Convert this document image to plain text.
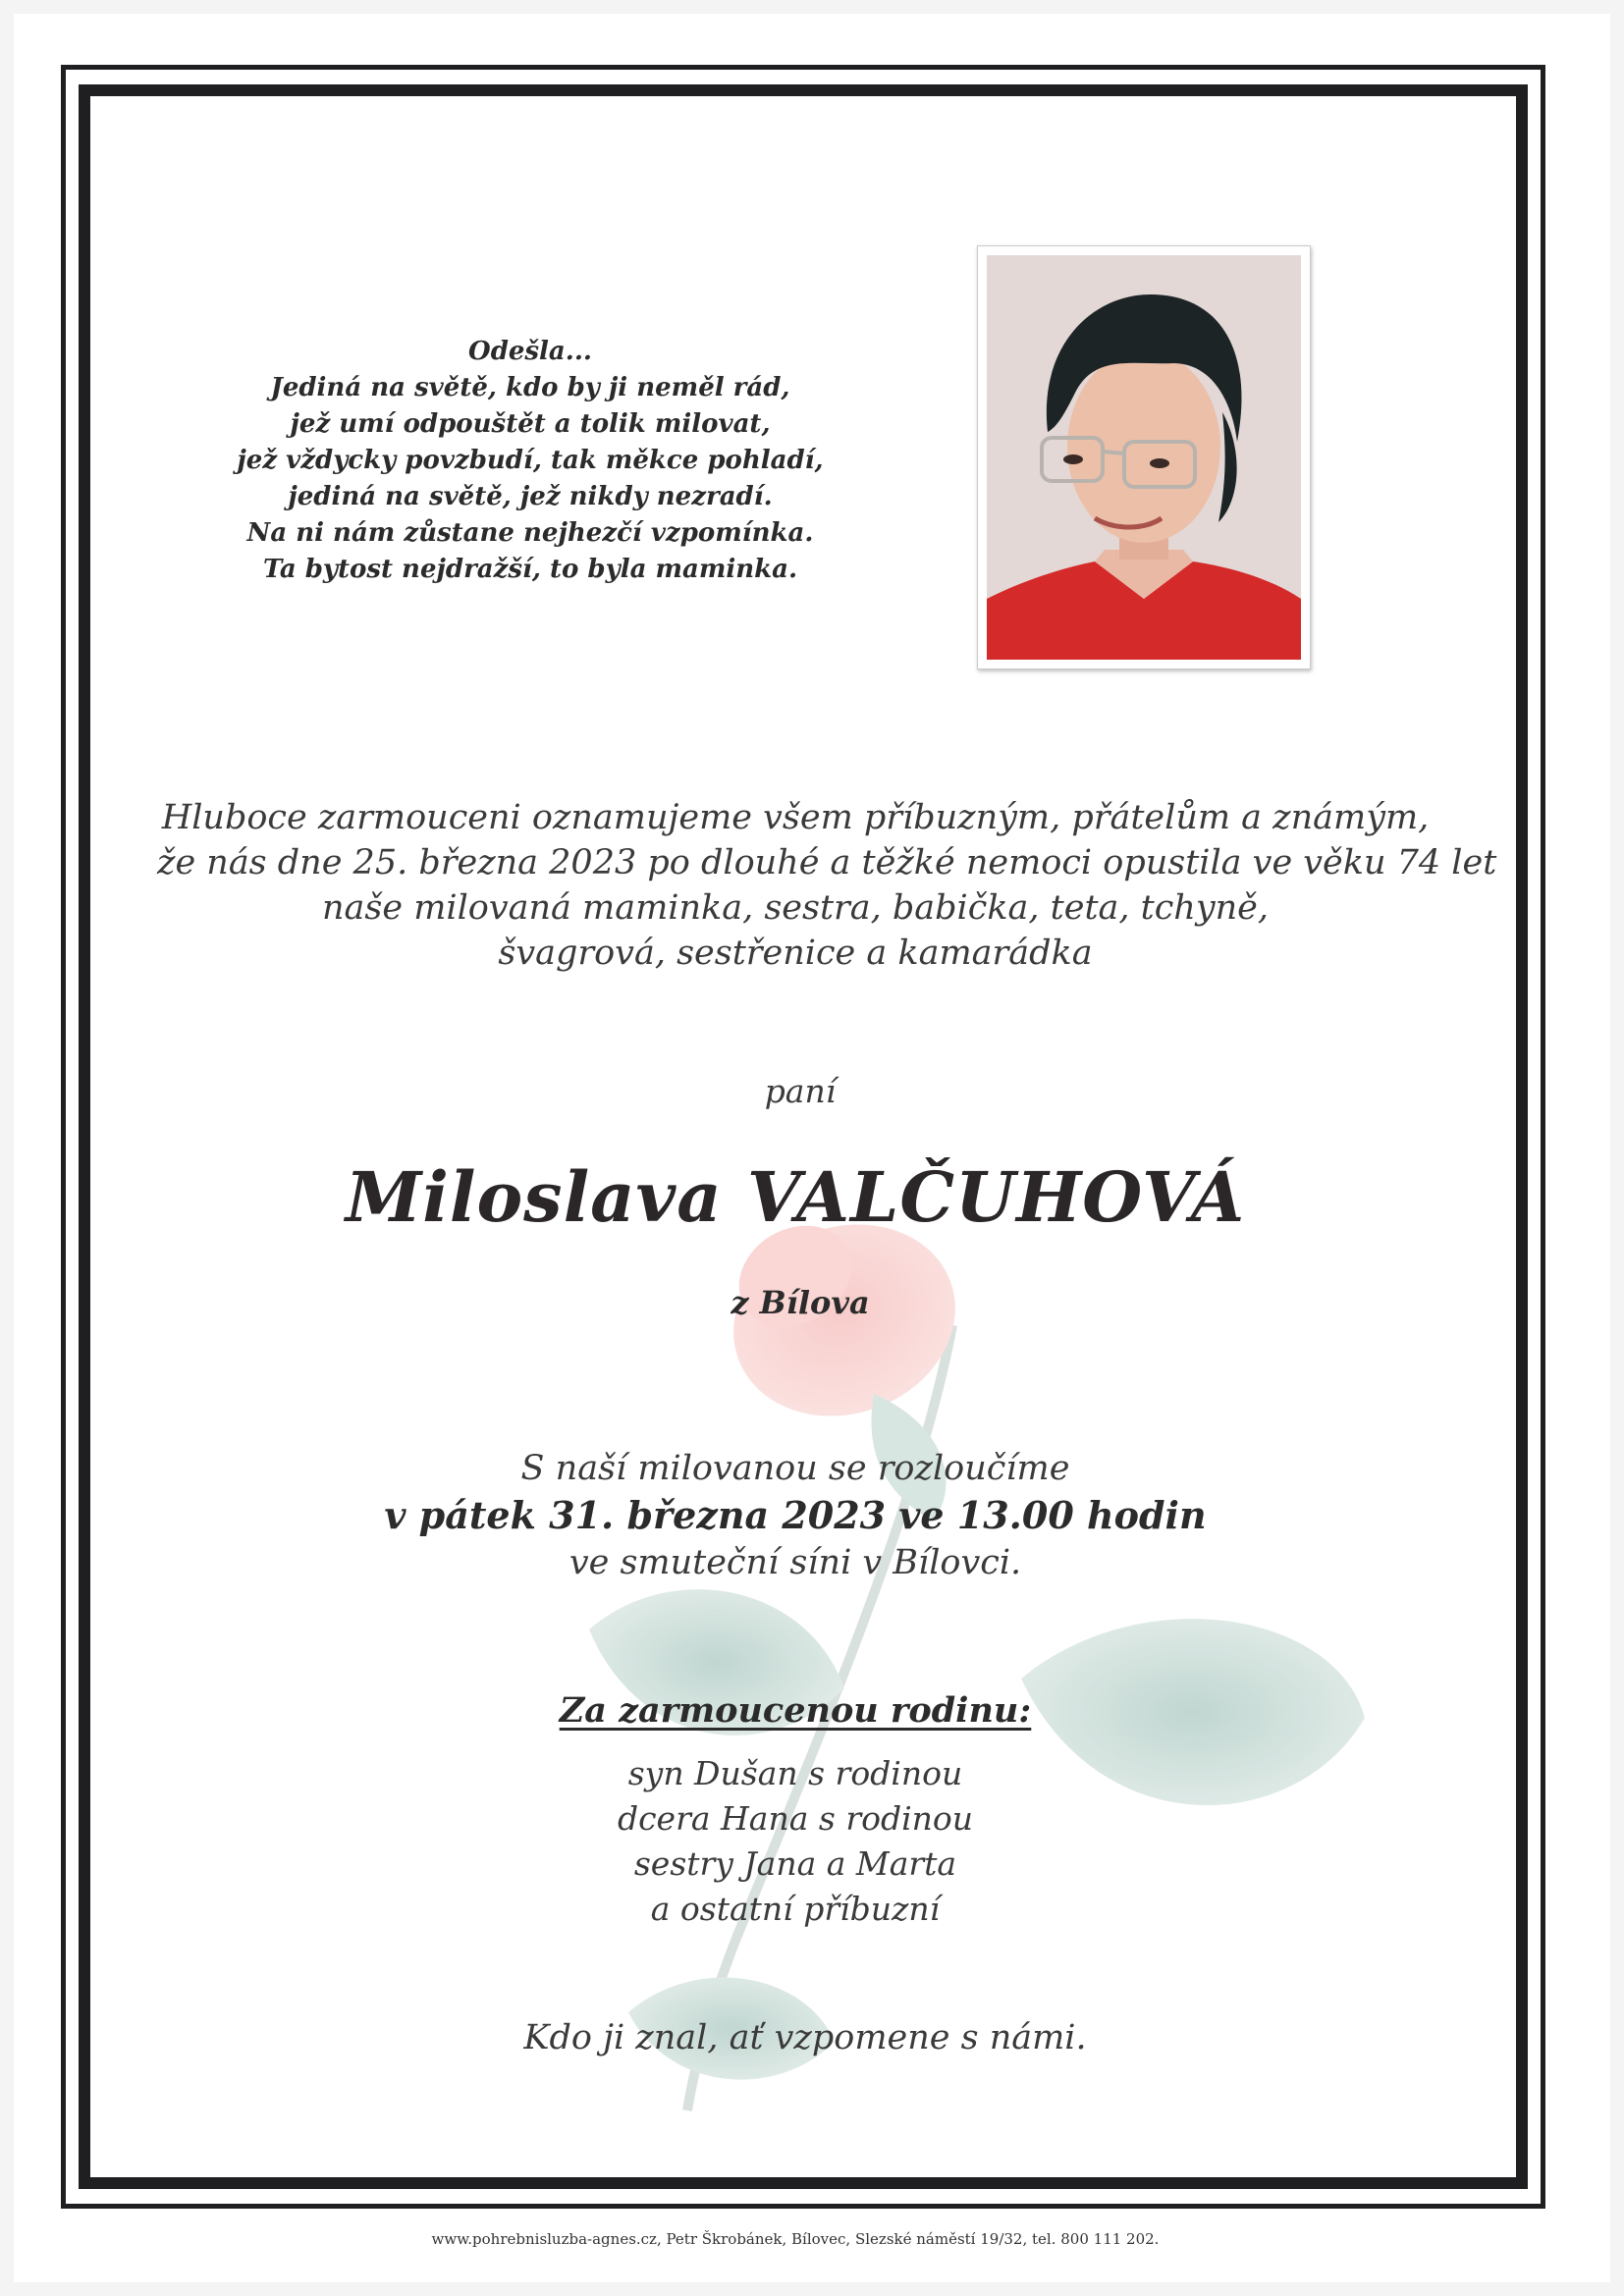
Odešla...
Jediná na světě, kdo by ji neměl rád,
jež umí odpouštět a tolik milovat,
jež vždycky povzbudí, tak měkce pohladí,
jediná na světě, jež nikdy nezradí.
Na ni nám zůstane nejhezčí vzpomínka.
Ta bytost nejdražší, to byla maminka.
Hluboce zarmouceni oznamujeme všem příbuzným, přátelům a známým,
že nás dne 25. března 2023 po dlouhé a těžké nemoci opustila ve věku 74 let
naše milovaná maminka, sestra, babička, teta, tchyně,
švagrová, sestřenice a kamarádka
paní
Miloslava VALČUHOVÁ
z Bílova
S naší milovanou se rozloučíme
v pátek 31. března 2023 ve 13.00 hodin
ve smuteční síni v Bílovci.
Za zarmoucenou rodinu:
syn Dušan s rodinou
dcera Hana s rodinou
sestry Jana a Marta
a ostatní příbuzní
Kdo ji znal, ať vzpomene s námi.
www.pohrebnisluzba-agnes.cz, Petr Škrobánek, Bílovec, Slezské náměstí 19/32, tel. 800 111 202.
